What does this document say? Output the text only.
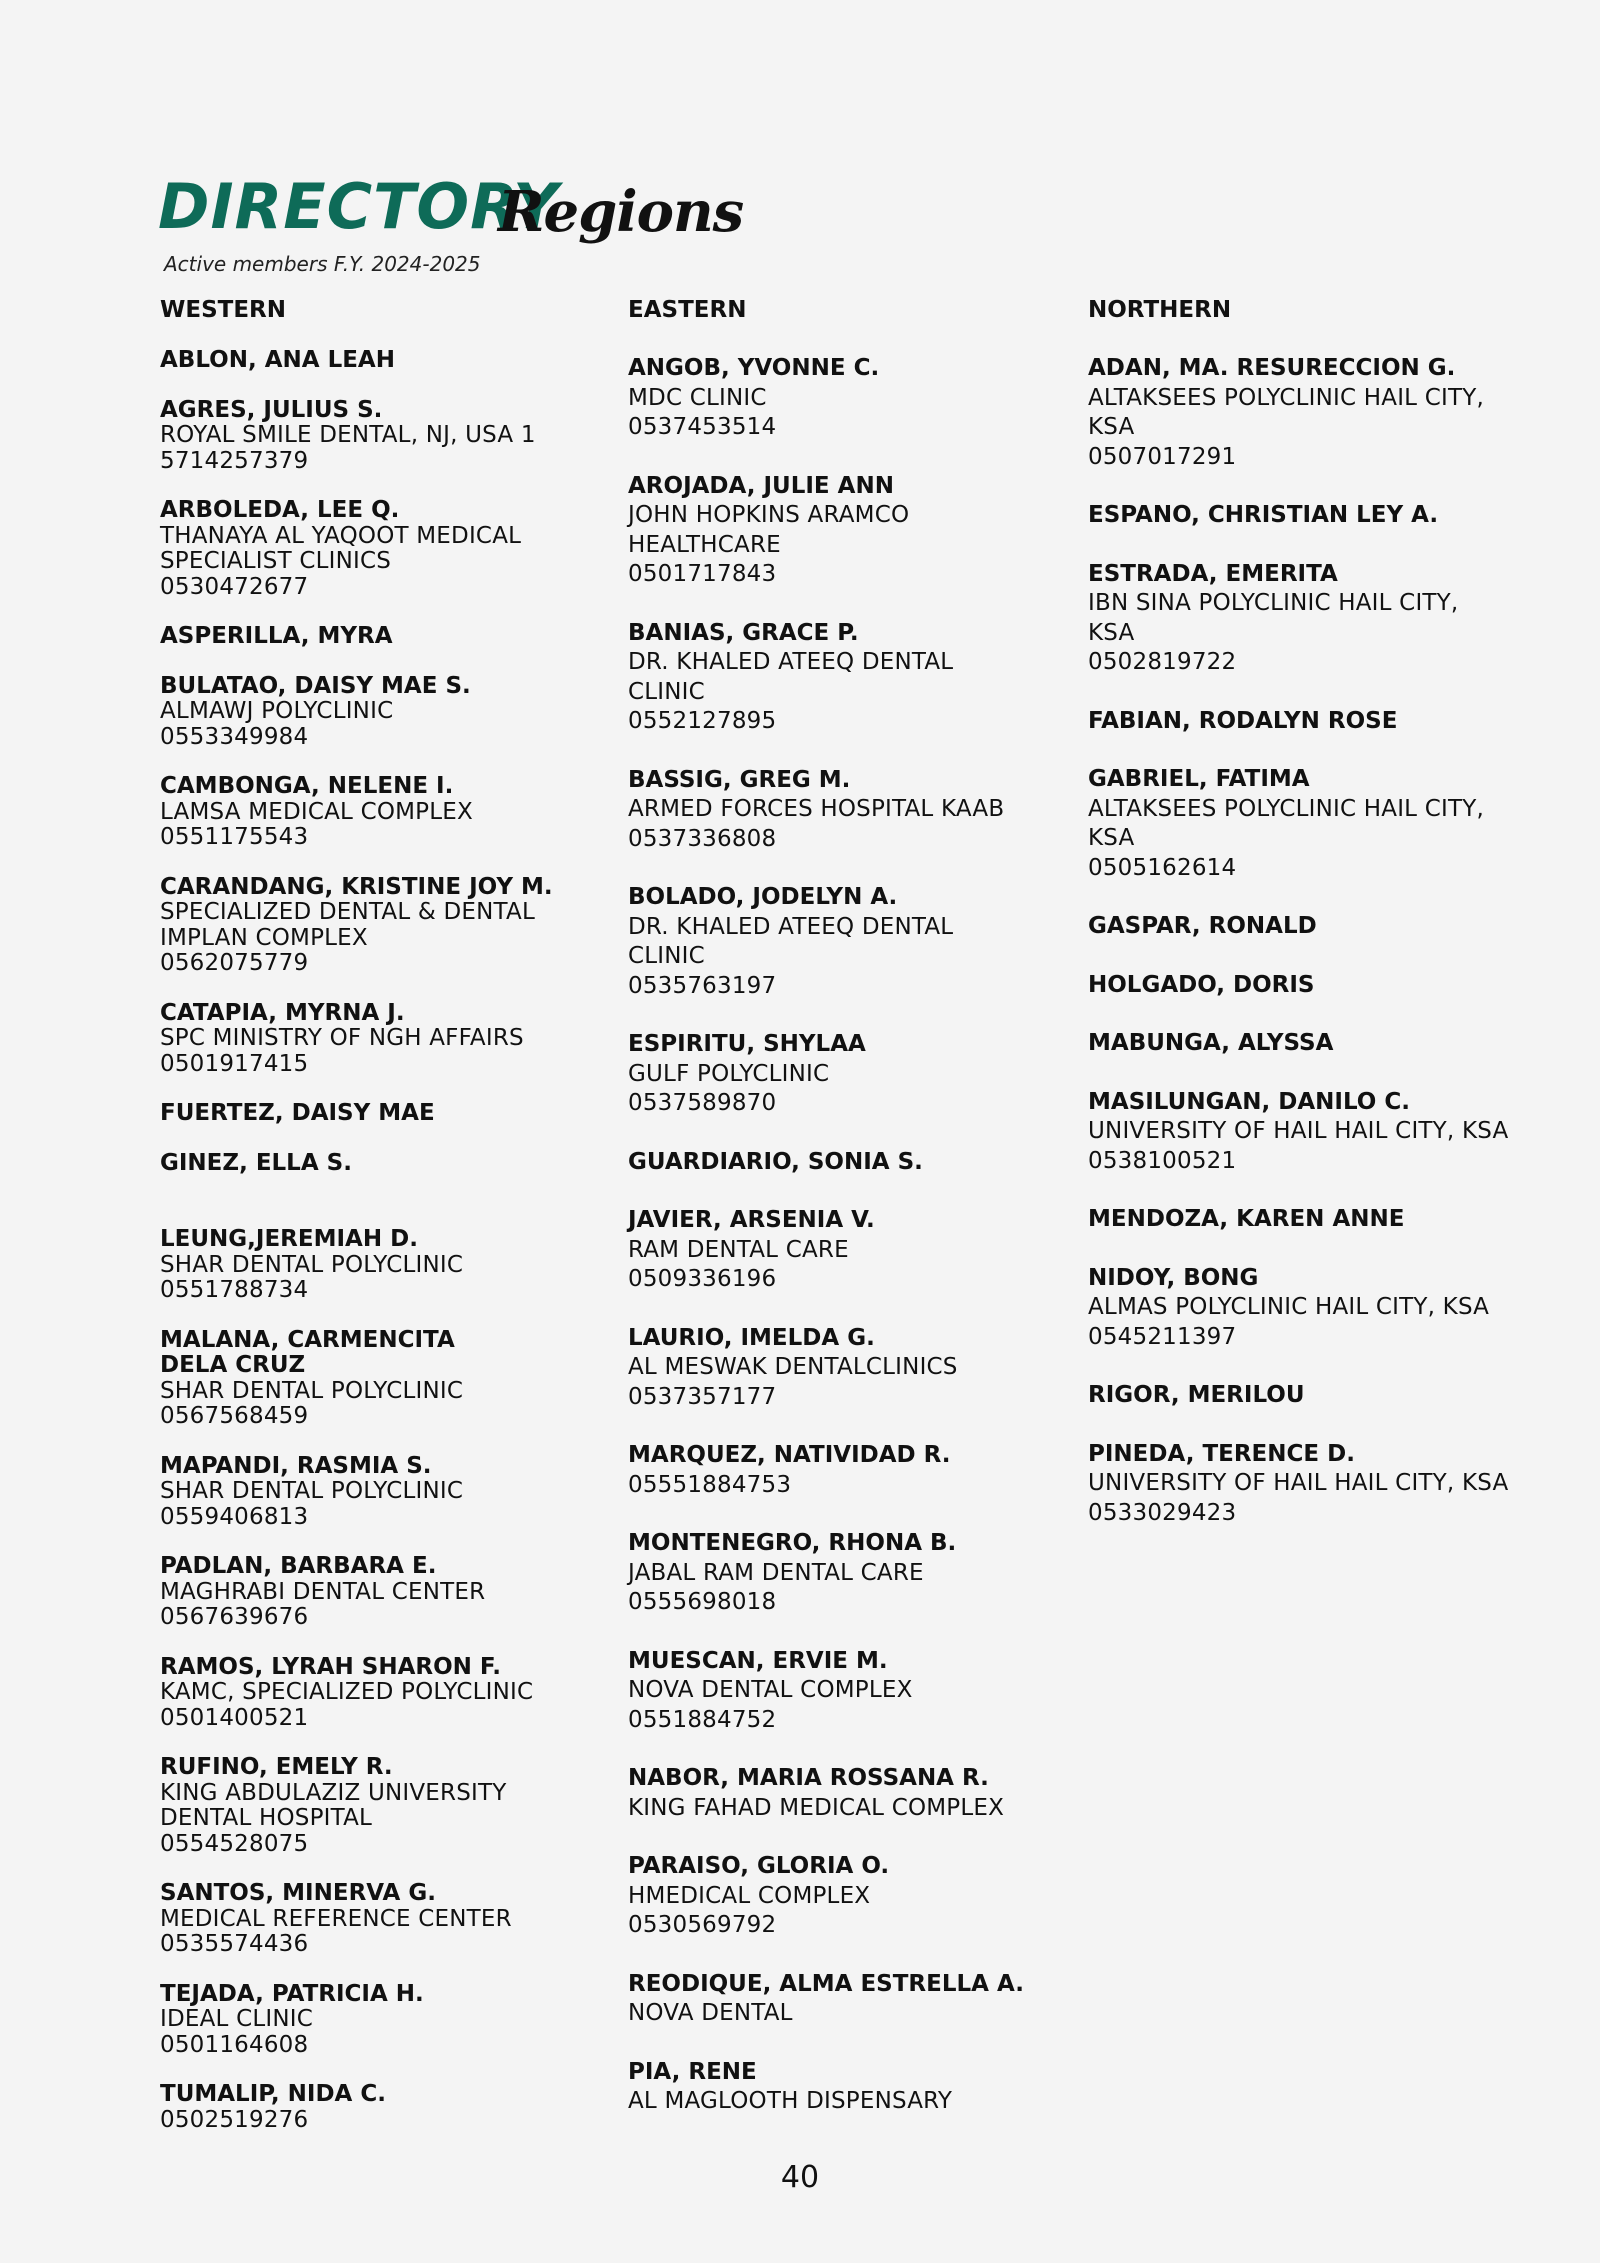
DIRECTORY
Regions
Active members F.Y. 2024-2025
WESTERN
ABLON, ANA LEAH
AGRES, JULIUS S.
ROYAL SMILE DENTAL, NJ, USA 1
5714257379
ARBOLEDA, LEE Q.
THANAYA AL YAQOOT MEDICAL
SPECIALIST CLINICS
0530472677
ASPERILLA, MYRA
BULATAO, DAISY MAE S.
ALMAWJ POLYCLINIC
0553349984
CAMBONGA, NELENE I.
LAMSA MEDICAL COMPLEX
0551175543
CARANDANG, KRISTINE JOY M.
SPECIALIZED DENTAL & DENTAL
IMPLAN COMPLEX
0562075779
CATAPIA, MYRNA J.
SPC MINISTRY OF NGH AFFAIRS
0501917415
FUERTEZ, DAISY MAE
GINEZ, ELLA S.
LEUNG,JEREMIAH D.
SHAR DENTAL POLYCLINIC
0551788734
MALANA, CARMENCITA
DELA CRUZ
SHAR DENTAL POLYCLINIC
0567568459
MAPANDI, RASMIA S.
SHAR DENTAL POLYCLINIC
0559406813
PADLAN, BARBARA E.
MAGHRABI DENTAL CENTER
0567639676
RAMOS, LYRAH SHARON F.
KAMC, SPECIALIZED POLYCLINIC
0501400521
RUFINO, EMELY R.
KING ABDULAZIZ UNIVERSITY
DENTAL HOSPITAL
0554528075
SANTOS, MINERVA G.
MEDICAL REFERENCE CENTER
0535574436
TEJADA, PATRICIA H.
IDEAL CLINIC
0501164608
TUMALIP, NIDA C.
0502519276
EASTERN
ANGOB, YVONNE C.
MDC CLINIC
0537453514
AROJADA, JULIE ANN
JOHN HOPKINS ARAMCO
HEALTHCARE
0501717843
BANIAS, GRACE P.
DR. KHALED ATEEQ DENTAL
CLINIC
0552127895
BASSIG, GREG M.
ARMED FORCES HOSPITAL KAAB
0537336808
BOLADO, JODELYN A.
DR. KHALED ATEEQ DENTAL
CLINIC
0535763197
ESPIRITU, SHYLAA
GULF POLYCLINIC
0537589870
GUARDIARIO, SONIA S.
JAVIER, ARSENIA V.
RAM DENTAL CARE
0509336196
LAURIO, IMELDA G.
AL MESWAK DENTALCLINICS
0537357177
MARQUEZ, NATIVIDAD R.
05551884753
MONTENEGRO, RHONA B.
JABAL RAM DENTAL CARE
0555698018
MUESCAN, ERVIE M.
NOVA DENTAL COMPLEX
0551884752
NABOR, MARIA ROSSANA R.
KING FAHAD MEDICAL COMPLEX
PARAISO, GLORIA O.
HMEDICAL COMPLEX
0530569792
REODIQUE, ALMA ESTRELLA A.
NOVA DENTAL
PIA, RENE
AL MAGLOOTH DISPENSARY
NORTHERN
ADAN, MA. RESURECCION G.
ALTAKSEES POLYCLINIC HAIL CITY,
KSA
0507017291
ESPANO, CHRISTIAN LEY A.
ESTRADA, EMERITA
IBN SINA POLYCLINIC HAIL CITY,
KSA
0502819722
FABIAN, RODALYN ROSE
GABRIEL, FATIMA
ALTAKSEES POLYCLINIC HAIL CITY,
KSA
0505162614
GASPAR, RONALD
HOLGADO, DORIS
MABUNGA, ALYSSA
MASILUNGAN, DANILO C.
UNIVERSITY OF HAIL HAIL CITY, KSA
0538100521
MENDOZA, KAREN ANNE
NIDOY, BONG
ALMAS POLYCLINIC HAIL CITY, KSA
0545211397
RIGOR, MERILOU
PINEDA, TERENCE D.
UNIVERSITY OF HAIL HAIL CITY, KSA
0533029423
40
